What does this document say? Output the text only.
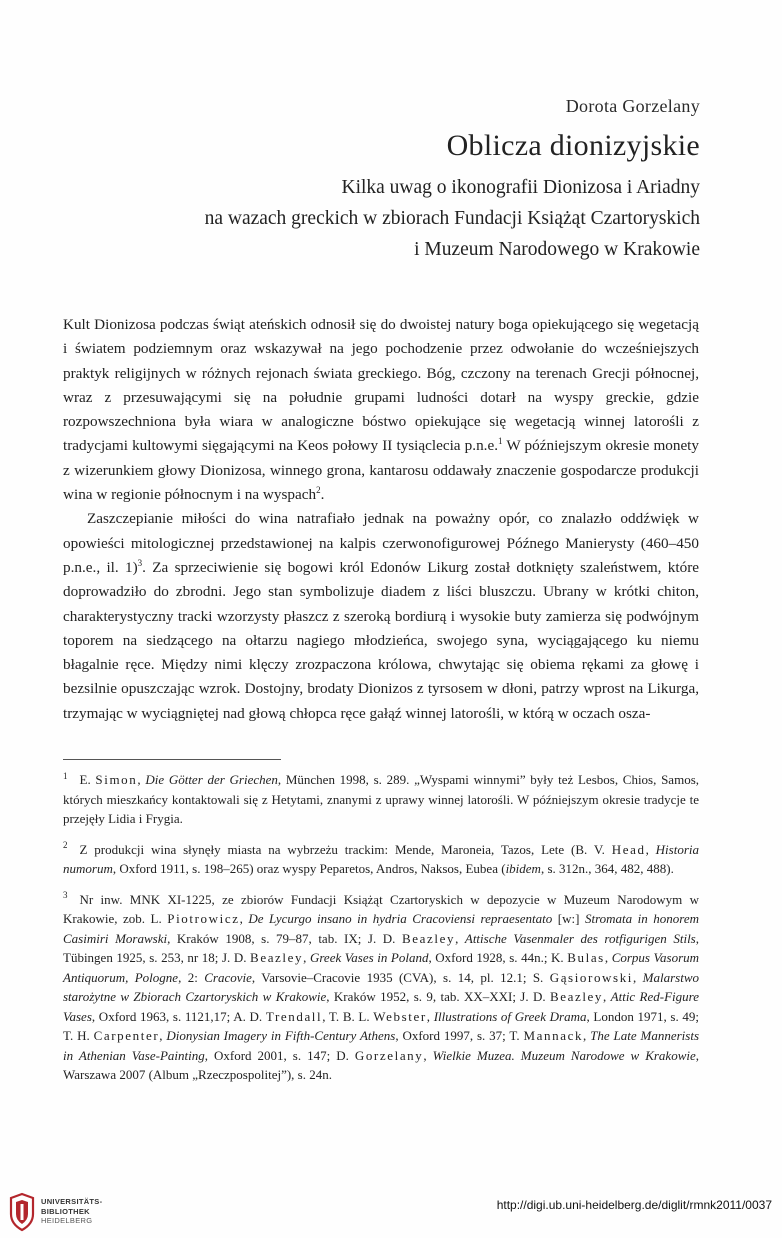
Dorota Gorzelany
Oblicza dionizyjskie
Kilka uwag o ikonografii Dionizosa i Ariadny
na wazach greckich w zbiorach Fundacji Książąt Czartoryskich
i Muzeum Narodowego w Krakowie

Kult Dionizosa podczas świąt ateńskich odnosił się do dwoistej natury boga opiekującego się wegetacją i światem podziemnym oraz wskazywał na jego pochodzenie przez odwołanie do wcześniejszych praktyk religijnych w różnych rejonach świata greckiego. Bóg, czczony na terenach Grecji północnej, wraz z przesuwającymi się na południe grupami ludności dotarł na wyspy greckie, gdzie rozpowszechniona była wiara w analogiczne bóstwo opiekujące się wegetacją winnej latorośli z tradycjami kultowymi sięgającymi na Keos połowy II tysiąclecia p.n.e.$^1$ W późniejszym okresie monety z wizerunkiem głowy Dionizosa, winnego grona, kantarosu oddawały znaczenie gospodarcze produkcji wina w regionie północnym i na wyspach$^2$.

Zaszczepianie miłości do wina natrafiało jednak na poważny opór, co znalazło oddźwięk w opowieści mitologicznej przedstawionej na kalpis czerwonofigurowej Późnego Manierysty (460–450 p.n.e., il. 1)$^3$. Za sprzeciwienie się bogowi król Edonów Likurg został dotknięty szaleństwem, które doprowadziło do zbrodni. Jego stan symbolizuje diadem z liści bluszczu. Ubrany w krótki chiton, charakterystyczny tracki wzorzysty płaszcz z szeroką bordiurą i wysokie buty zamierza się podwójnym toporem na siedzącego na ołtarzu nagiego młodzieńca, swojego syna, wyciągającego ku niemu błagalnie ręce. Między nimi klęczy zrozpaczona królowa, chwytając się obiema rękami za głowę i bezsilnie opuszczając wzrok. Dostojny, brodaty Dionizos z tyrsosem w dłoni, patrzy wprost na Likurga, trzymając w wyciągniętej nad głową chłopca ręce gałąź winnej latorośli, w którą w oczach osza-

$^1$ E. Simon, Die Götter der Griechen, München 1998, s. 289. „Wyspami winnymi” były też Lesbos, Chios, Samos, których mieszkańcy kontaktowali się z Hetytami, znanymi z uprawy winnej latorośli. W późniejszym okresie tradycje te przejęły Lidia i Frygia.

$^2$ Z produkcji wina słynęły miasta na wybrzeżu trackim: Mende, Maroneia, Tazos, Lete (B. V. Head, Historia numorum, Oxford 1911, s. 198–265) oraz wyspy Peparetos, Andros, Naksos, Eubea (ibidem, s. 312n., 364, 482, 488).

$^3$ Nr inw. MNK XI-1225, ze zbiorów Fundacji Książąt Czartoryskich w depozycie w Muzeum Narodowym w Krakowie, zob. L. Piotrowicz, De Lycurgo insano in hydria Cracoviensi repraesentato [w:] Stromata in honorem Casimiri Morawski, Kraków 1908, s. 79–87, tab. IX; J. D. Beazley, Attische Vasenmaler des rotfigurigen Stils, Tübingen 1925, s. 253, nr 18; J. D. Beazley, Greek Vases in Poland, Oxford 1928, s. 44n.; K. Bulas, Corpus Vasorum Antiquorum, Pologne, 2: Cracovie, Varsovie–Cracovie 1935 (CVA), s. 14, pl. 12.1; S. Gąsiorowski, Malarstwo starożytne w Zbiorach Czartoryskich w Krakowie, Kraków 1952, s. 9, tab. XX–XXI; J. D. Beazley, Attic Red-Figure Vases, Oxford 1963, s. 1121,17; A. D. Trendall, T. B. L. Webster, Illustrations of Greek Drama, London 1971, s. 49; T. H. Carpenter, Dionysian Imagery in Fifth-Century Athens, Oxford 1997, s. 37; T. Mannack, The Late Mannerists in Athenian Vase-Painting, Oxford 2001, s. 147; D. Gorzelany, Wielkie Muzea. Muzeum Narodowe w Krakowie, Warszawa 2007 (Album „Rzeczpospolitej”), s. 24n.

UNIVERSITÄTS-
BIBLIOTHEK
HEIDELBERG
http://digi.ub.uni-heidelberg.de/diglit/rmnk2011/0037
